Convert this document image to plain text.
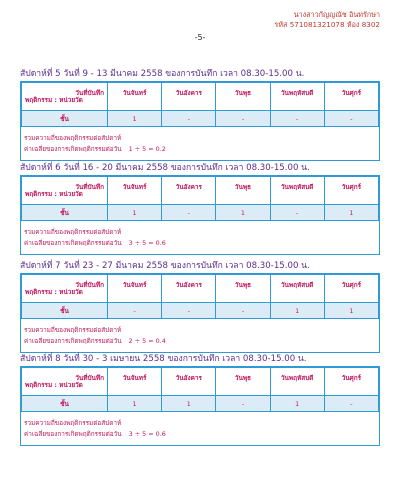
นางสาวกัญญณัช อินทรักษา
รหัส 571081321078 ห้อง 8302
-5-
สัปดาห์ที่ 5 วันที่ 9 - 13 มีนาคม 2558 ของการบันทึก เวลา 08.30-15.00 น.
วันที่บันทึก
พฤติกรรม : หน่วยวัด	วันจันทร์	วันอังคาร	วันพุธ	วันพฤหัสบดี	วันศุกร์
ชั้น	1	-	-	-	-
รวมความถี่ของพฤติกรรมต่อสัปดาห์
ค่าเฉลี่ยของการเกิดพฤติกรรมต่อวัน 1 ÷ 5 = 0.2
สัปดาห์ที่ 6 วันที่ 16 - 20 มีนาคม 2558 ของการบันทึก เวลา 08.30-15.00 น.
วันที่บันทึก
พฤติกรรม : หน่วยวัด	วันจันทร์	วันอังคาร	วันพุธ	วันพฤหัสบดี	วันศุกร์
ชั้น	1	-	1	-	1
รวมความถี่ของพฤติกรรมต่อสัปดาห์
ค่าเฉลี่ยของการเกิดพฤติกรรมต่อวัน 3 ÷ 5 = 0.6
สัปดาห์ที่ 7 วันที่ 23 - 27 มีนาคม 2558 ของการบันทึก เวลา 08.30-15.00 น.
วันที่บันทึก
พฤติกรรม : หน่วยวัด	วันจันทร์	วันอังคาร	วันพุธ	วันพฤหัสบดี	วันศุกร์
ชั้น	-	-	-	1	1
รวมความถี่ของพฤติกรรมต่อสัปดาห์
ค่าเฉลี่ยของการเกิดพฤติกรรมต่อวัน 2 ÷ 5 = 0.4
สัปดาห์ที่ 8 วันที่ 30 - 3 เมษายน 2558 ของการบันทึก เวลา 08.30-15.00 น.
วันที่บันทึก
พฤติกรรม : หน่วยวัด	วันจันทร์	วันอังคาร	วันพุธ	วันพฤหัสบดี	วันศุกร์
ชั้น	1	1	-	1	-
รวมความถี่ของพฤติกรรมต่อสัปดาห์
ค่าเฉลี่ยของการเกิดพฤติกรรมต่อวัน 3 ÷ 5 = 0.6
